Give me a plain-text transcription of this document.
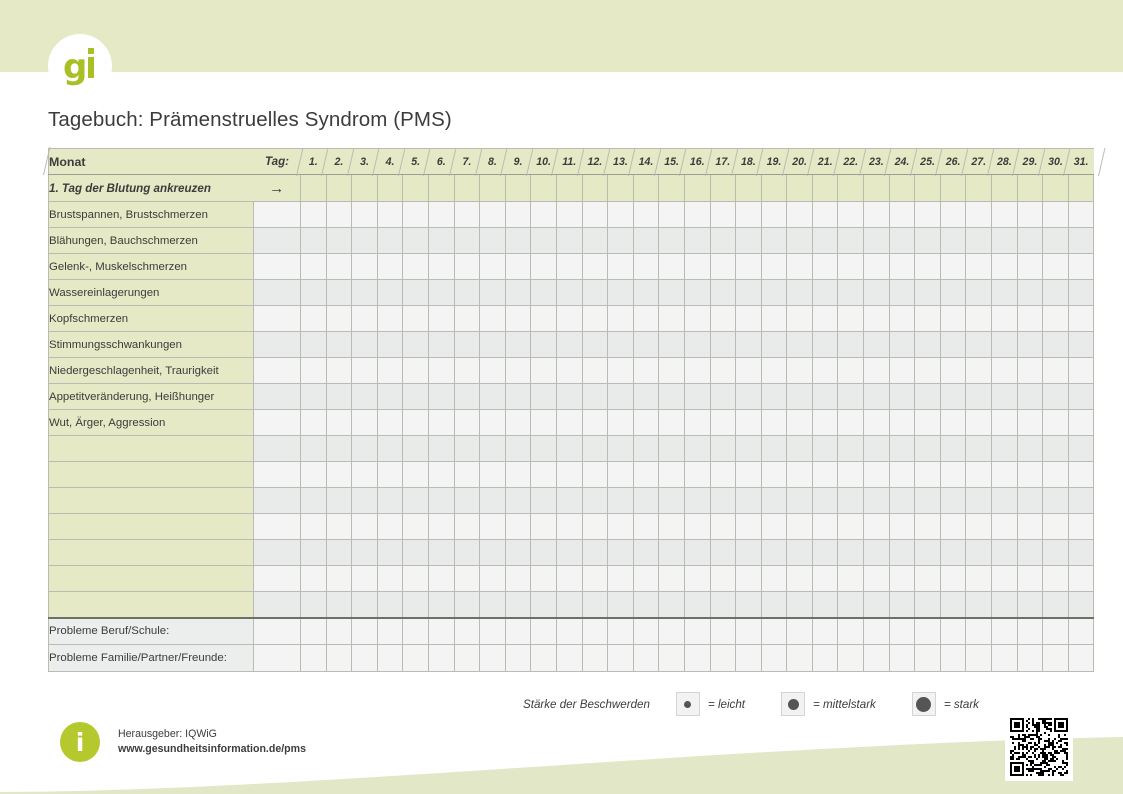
g
Tagebuch: Prämenstruelles Syndrom (PMS)
Monat	Tag:	1.	2.	3.	4.	5.	6.	7.	8.	9.	10.	11.	12.	13.	14.	15.	16.	17.	18.	19.	20.	21.	22.	23.	24.	25.	26.	27.	28.	29.	30.	31.

1. Tag der Blutung ankreuzen	→																															
Brustspannen, Brustschmerzen																																
Blähungen, Bauchschmerzen																																
Gelenk-, Muskelschmerzen																																
Wassereinlagerungen																																
Kopfschmerzen																																
Stimmungsschwankungen																																
Niedergeschlagenheit, Traurigkeit																																
Appetitveränderung, Heißhunger																																
Wut, Ärger, Aggression																																

Probleme Beruf/Schule:																																
Probleme Familie/Partner/Freunde:																																
Stärke der Beschwerden	= leicht	= mittelstark	= stark
i	Herausgeber: IQWiG
www.gesundheitsinformation.de/pms
